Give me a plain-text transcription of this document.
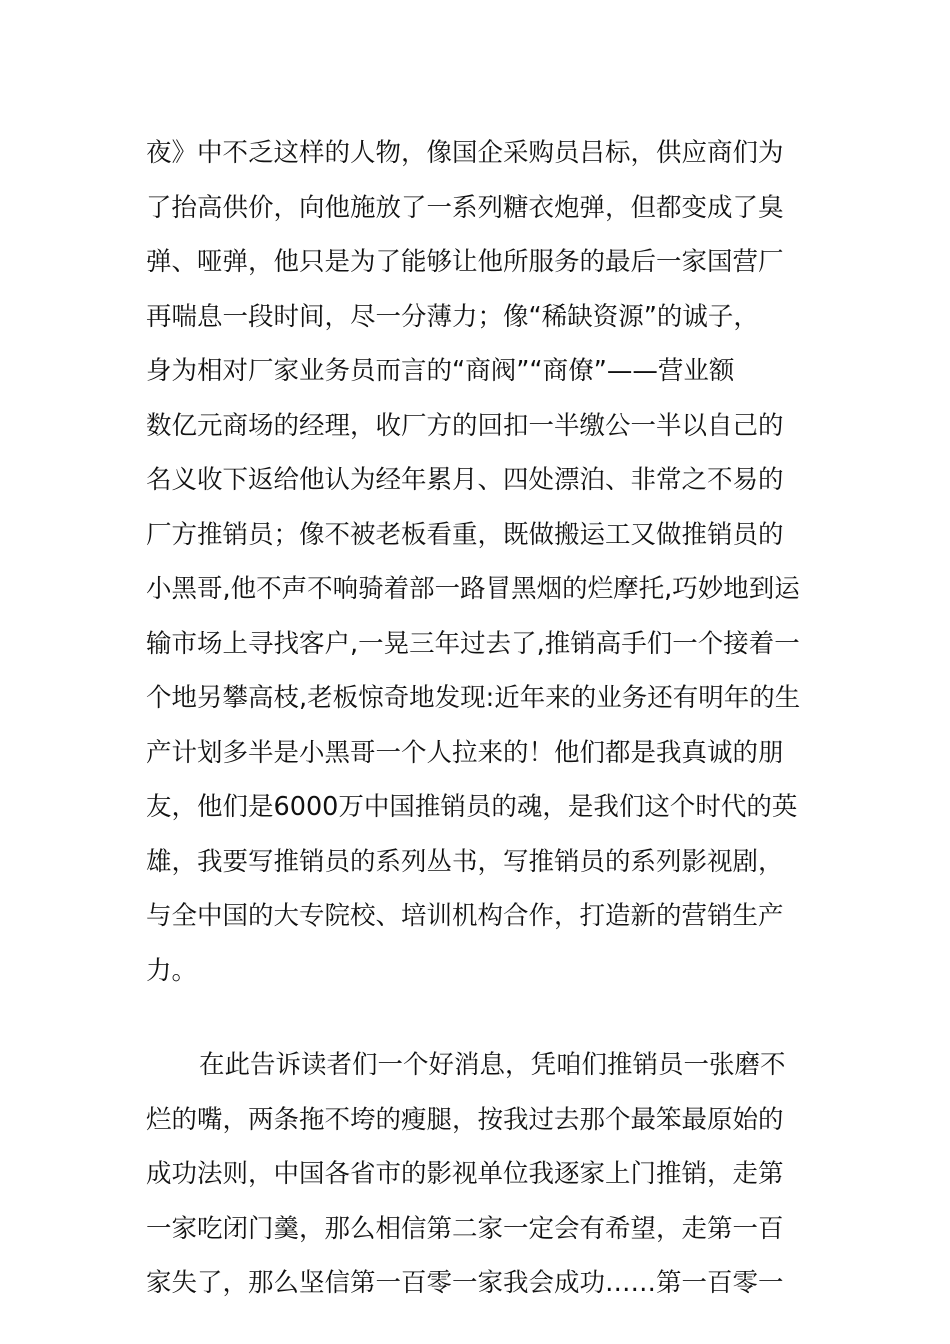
夜》中不乏这样的人物，像国企采购员吕标，供应商们为
了抬高供价，向他施放了一系列糖衣炮弹，但都变成了臭
弹、哑弹，他只是为了能够让他所服务的最后一家国营厂
再喘息一段时间，尽一分薄力；像“稀缺资源”的诚子，
身为相对厂家业务员而言的“商阀”“商僚”——营业额
数亿元商场的经理，收厂方的回扣一半缴公一半以自己的
名义收下返给他认为经年累月、四处漂泊、非常之不易的
厂方推销员；像不被老板看重，既做搬运工又做推销员的
小黑哥,他不声不响骑着部一路冒黑烟的烂摩托,巧妙地到运
输市场上寻找客户,一晃三年过去了,推销高手们一个接着一
个地另攀高枝,老板惊奇地发现:近年来的业务还有明年的生
产计划多半是小黑哥一个人拉来的！他们都是我真诚的朋
友，他们是6000万中国推销员的魂，是我们这个时代的英
雄，我要写推销员的系列丛书，写推销员的系列影视剧，
与全中国的大专院校、培训机构合作，打造新的营销生产
力。
在此告诉读者们一个好消息，凭咱们推销员一张磨不
烂的嘴，两条拖不垮的瘦腿，按我过去那个最笨最原始的
成功法则，中国各省市的影视单位我逐家上门推销，走第
一家吃闭门羹，那么相信第二家一定会有希望，走第一百
家失了，那么坚信第一百零一家我会成功……第一百零一
